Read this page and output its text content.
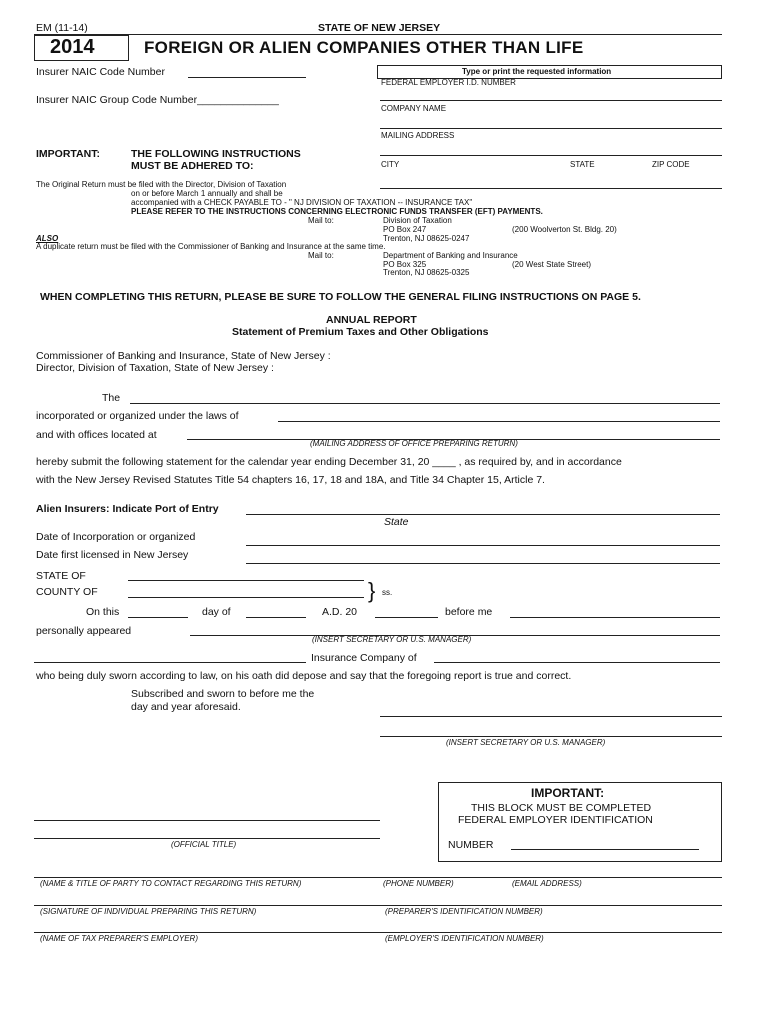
EM (11-14)	STATE OF NEW JERSEY
2014	FOREIGN OR ALIEN COMPANIES OTHER THAN LIFE
Insurer NAIC Code Number
Insurer NAIC Group Code Number______________
Type or print the requested information
FEDERAL EMPLOYER I.D. NUMBER
COMPANY NAME
MAILING ADDRESS
CITY	STATE	ZIP CODE
IMPORTANT:	THE FOLLOWING INSTRUCTIONS
MUST BE ADHERED TO:
The Original Return must be filed with the Director, Division of Taxation
on or before March 1 annually and shall be
accompanied with a CHECK PAYABLE TO - " NJ DIVISION OF TAXATION -- INSURANCE TAX"
PLEASE REFER TO THE INSTRUCTIONS CONCERNING ELECTRONIC FUNDS TRANSFER (EFT) PAYMENTS.
Mail to:	Division of Taxation
PO Box 247	(200 Woolverton St. Bldg. 20)
Trenton, NJ 08625-0247
ALSO
A duplicate return must be filed with the Commissioner of Banking and Insurance at the same time.
Mail to:	Department of Banking and Insurance
PO Box 325	(20 West State Street)
Trenton, NJ 08625-0325
WHEN COMPLETING THIS RETURN, PLEASE BE SURE TO FOLLOW THE GENERAL FILING INSTRUCTIONS ON PAGE 5.
ANNUAL REPORT
Statement of Premium Taxes and Other Obligations
Commissioner of Banking and Insurance, State of New Jersey :
Director, Division of Taxation, State of New Jersey :
The
incorporated or organized under the laws of
and with offices located at
(MAILING ADDRESS OF OFFICE PREPARING RETURN)
hereby submit the following statement for the calendar year ending December 31, 20 ____ , as required by, and in accordance
with the New Jersey Revised Statutes Title 54 chapters 16, 17, 18 and 18A, and Title 34 Chapter 15, Article 7.
Alien Insurers: Indicate Port of Entry
State
Date of Incorporation or organized
Date first licensed in New Jersey
STATE OF
COUNTY OF	} ss.
On this	day of	A.D. 20	before me
personally appeared
(INSERT SECRETARY OR U.S. MANAGER)
Insurance Company of
who being duly sworn according to law, on his oath did depose and say that the foregoing report is true and correct.
Subscribed and sworn to before me the
day and year aforesaid.
(INSERT SECRETARY OR U.S. MANAGER)
IMPORTANT:
THIS BLOCK MUST BE COMPLETED
FEDERAL EMPLOYER IDENTIFICATION
NUMBER
(OFFICIAL TITLE)
(NAME & TITLE OF PARTY TO CONTACT REGARDING THIS RETURN)	(PHONE NUMBER)	(EMAIL ADDRESS)
(SIGNATURE OF INDIVIDUAL PREPARING THIS RETURN)	(PREPARER'S IDENTIFICATION NUMBER)
(NAME OF TAX PREPARER'S EMPLOYER)	(EMPLOYER'S IDENTIFICATION NUMBER)
